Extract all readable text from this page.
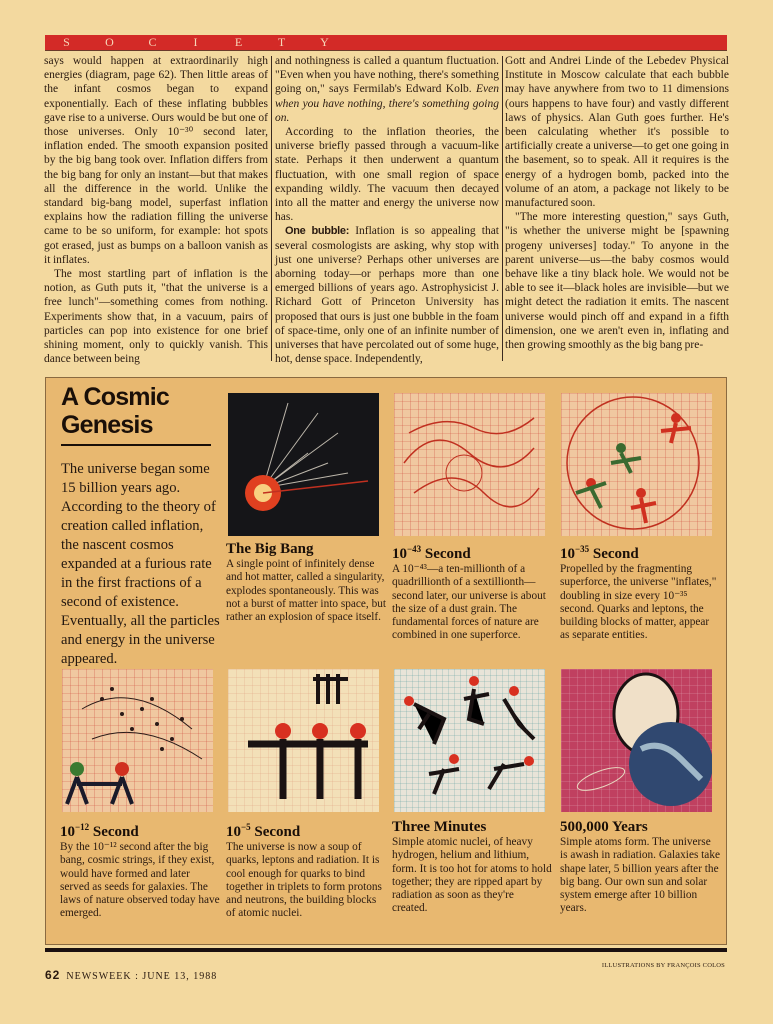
S	O	C	I	E	T	Y

says would happen at extraordinarily high energies (diagram, page 62). Then little areas of the infant cosmos began to expand exponentially. Each of these inflating bubbles gave rise to a universe. Ours would be but one of those universes. Only 10⁻³⁰ second later, inflation ended. The smooth expansion posited by the big bang took over. Inflation differs from the big bang for only an instant—but that makes all the difference in the world. Unlike the standard big-bang model, superfast inflation explains how the radiation filling the universe came to be so uniform, for example: hot spots got erased, just as bumps on a balloon vanish as it inflates.

The most startling part of inflation is the notion, as Guth puts it, "that the universe is a free lunch"—something comes from nothing. Experiments show that, in a vacuum, pairs of particles can pop into existence for one brief shining moment, only to quickly vanish. This dance between being

and nothingness is called a quantum fluctuation. "Even when you have nothing, there's something going on," says Fermilab's Edward Kolb. Even when you have nothing, there's something going on.

According to the inflation theories, the universe briefly passed through a vacuum-like state. Perhaps it then underwent a quantum fluctuation, with one small region of space expanding wildly. The vacuum then decayed into all the matter and energy the universe now has.

One bubble: Inflation is so appealing that several cosmologists are asking, why stop with just one universe? Perhaps other universes are aborning today—or perhaps more than one emerged billions of years ago. Astrophysicist J. Richard Gott of Princeton University has proposed that ours is just one bubble in the foam of space-time, only one of an infinite number of universes that have percolated out of some huge, hot, dense space. Independently,

Gott and Andrei Linde of the Lebedev Physical Institute in Moscow calculate that each bubble may have anywhere from two to 11 dimensions (ours happens to have four) and vastly different laws of physics. Alan Guth goes further. He's been calculating whether it's possible to artificially create a universe—to get one going in the basement, so to speak. All it requires is the energy of a hydrogen bomb, packed into the volume of an atom, a package not likely to be manufactured soon.

"The more interesting question," says Guth, "is whether the universe might be [spawning progeny universes] today." To anyone in the parent universe—us—the baby cosmos would behave like a tiny black hole. We would not be able to see it—black holes are invisible—but we might detect the radiation it emits. The nascent universe would pinch off and expand in a fifth dimension, one we aren't even in, inflating and then growing smoothly as the big bang pre-

A Cosmic
Genesis
The universe began some 15 billion years ago. According to the theory of creation called inflation, the nascent cosmos expanded at a furious rate in the first fractions of a second of existence. Eventually, all the particles and energy in the universe appeared.
The Big Bang

A single point of infinitely dense and hot matter, called a singularity, explodes spontaneously. This was not a burst of matter into space, but rather an explosion of space itself.

$10^{-43}$ Second

A 10⁻⁴³—a ten-millionth of a quadrillionth of a sextillionth—second later, our universe is about the size of a dust grain. The fundamental forces of nature are combined in one superforce.

$10^{-35}$ Second

Propelled by the fragmenting superforce, the universe "inflates," doubling in size every 10⁻³⁵ second. Quarks and leptons, the building blocks of matter, appear as separate entities.

$10^{-12}$ Second

By the 10⁻¹² second after the big bang, cosmic strings, if they exist, would have formed and later served as seeds for galaxies. The laws of nature observed today have emerged.

$10^{-5}$ Second

The universe is now a soup of quarks, leptons and radiation. It is cool enough for quarks to bind together in triplets to form protons and neutrons, the building blocks of atomic nuclei.

Three Minutes

Simple atomic nuclei, of heavy hydrogen, helium and lithium, form. It is too hot for atoms to hold together; they are ripped apart by radiation as soon as they're created.

500,000 Years

Simple atoms form. The universe is awash in radiation. Galaxies take shape later, 5 billion years after the big bang. Our own sun and solar system emerge after 10 billion years.

ILLUSTRATIONS BY FRANÇOIS COLOS
62 NEWSWEEK : JUNE 13, 1988
